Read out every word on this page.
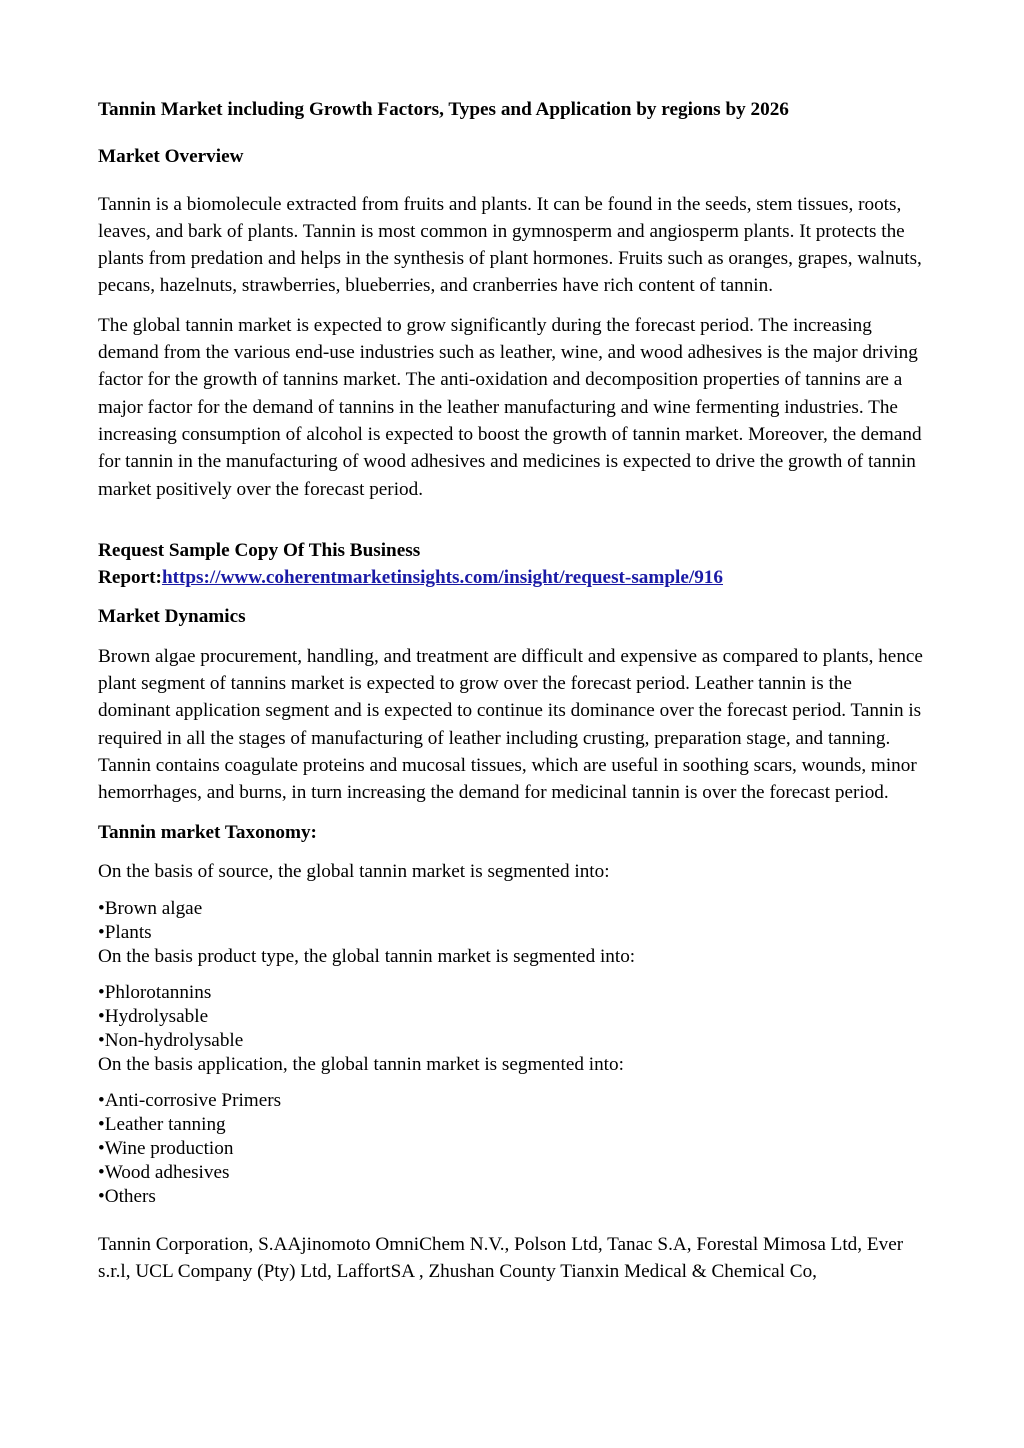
Tannin Market including Growth Factors, Types and Application by regions by 2026
Market Overview

Tannin is a biomolecule extracted from fruits and plants. It can be found in the seeds, stem tissues, roots, leaves, and bark of plants. Tannin is most common in gymnosperm and angiosperm plants. It protects the plants from predation and helps in the synthesis of plant hormones. Fruits such as oranges, grapes, walnuts, pecans, hazelnuts, strawberries, blueberries, and cranberries have rich content of tannin.

The global tannin market is expected to grow significantly during the forecast period. The increasing demand from the various end-use industries such as leather, wine, and wood adhesives is the major driving factor for the growth of tannins market. The anti-oxidation and decomposition properties of tannins are a major factor for the demand of tannins in the leather manufacturing and wine fermenting industries. The increasing consumption of alcohol is expected to boost the growth of tannin market. Moreover, the demand for tannin in the manufacturing of wood adhesives and medicines is expected to drive the growth of tannin market positively over the forecast period.

Request Sample Copy Of This Business Report:https://www.coherentmarketinsights.com/insight/request-sample/916

Market Dynamics

Brown algae procurement, handling, and treatment are difficult and expensive as compared to plants, hence plant segment of tannins market is expected to grow over the forecast period. Leather tannin is the dominant application segment and is expected to continue its dominance over the forecast period. Tannin is required in all the stages of manufacturing of leather including crusting, preparation stage, and tanning. Tannin contains coagulate proteins and mucosal tissues, which are useful in soothing scars, wounds, minor hemorrhages, and burns, in turn increasing the demand for medicinal tannin is over the forecast period.

Tannin market Taxonomy:

On the basis of source, the global tannin market is segmented into:

•Brown algae
•Plants

On the basis product type, the global tannin market is segmented into:

•Phlorotannins
•Hydrolysable
•Non-hydrolysable

On the basis application, the global tannin market is segmented into:

•Anti-corrosive Primers
•Leather tanning
•Wine production
•Wood adhesives
•Others

Tannin Corporation, S.AAjinomoto OmniChem N.V., Polson Ltd, Tanac S.A, Forestal Mimosa Ltd, Ever s.r.l, UCL Company (Pty) Ltd, LaffortSA , Zhushan County Tianxin Medical & Chemical Co,
